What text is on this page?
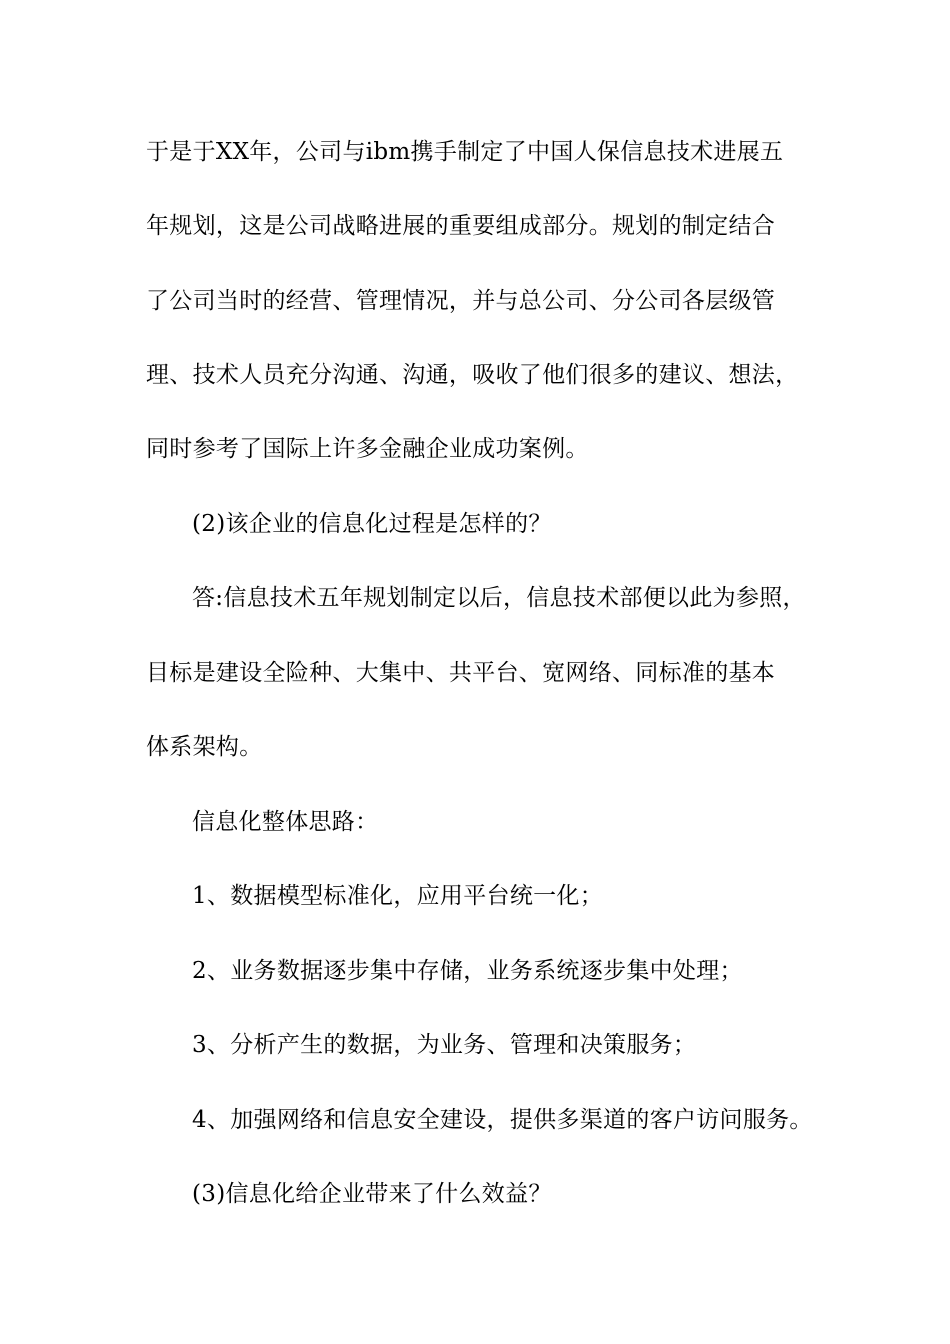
于是于XX年，公司与ibm携手制定了中国人保信息技术进展五
年规划，这是公司战略进展的重要组成部分。规划的制定结合
了公司当时的经营、管理情况，并与总公司、分公司各层级管
理、技术人员充分沟通、沟通，吸收了他们很多的建议、想法，
同时参考了国际上许多金融企业成功案例。
(2)该企业的信息化过程是怎样的？
答:信息技术五年规划制定以后，信息技术部便以此为参照，
目标是建设全险种、大集中、共平台、宽网络、同标准的基本
体系架构。
信息化整体思路：
1、数据模型标准化，应用平台统一化；
2、业务数据逐步集中存储，业务系统逐步集中处理；
3、分析产生的数据，为业务、管理和决策服务；
4、加强网络和信息安全建设，提供多渠道的客户访问服务。
(3)信息化给企业带来了什么效益？
